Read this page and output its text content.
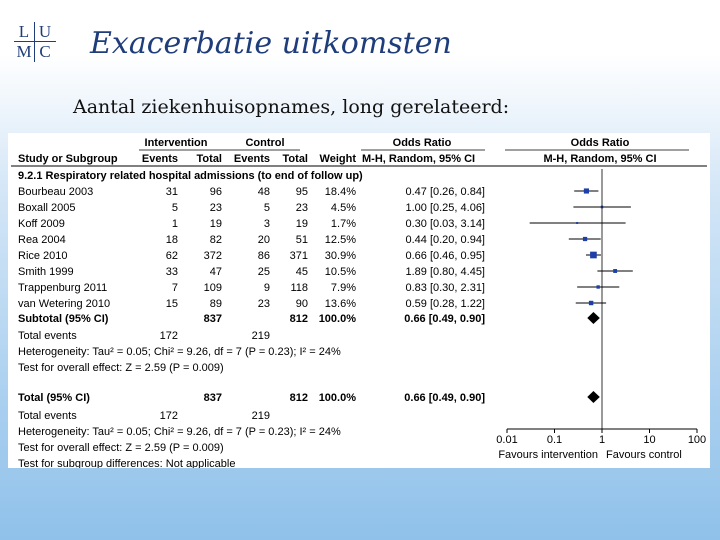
L U
M C Exacerbatie uitkomsten
Aantal ziekenhuisopnames, long gerelateerd:
Intervention	Control	Odds Ratio	Odds Ratio
Study or Subgroup Events Total Events Total Weight M-H, Random, 95% CI	M-H, Random, 95% CI
9.2.1 Respiratory related hospital admissions (to end of follow up)
Bourbeau 2003	31	96	48 95 18.4%	0.47 [0.26, 0.84]
Boxall 2005	5	23	5 23 4.5%	1.00 [0.25, 4.06]
Koff 2009	1	19	3 19 1.7%	0.30 [0.03, 3.14]
Rea 2004	18	82	20 51 12.5%	0.44 [0.20, 0.94]
Rice 2010	62 372	86 371 30.9%	0.66 [0.46, 0.95]
Smith 1999	33	47	25 45 10.5%	1.89 [0.80, 4.45]
Trappenburg 2011	7 109	9 118 7.9%	0.83 [0.30, 2.31]
van Wetering 2010	15	89	23 90 13.6%	0.59 [0.28, 1.22]
Subtotal (95% CI)	837	812 100.0%	0.66 [0.49, 0.90]
Total events	172	219
Heterogeneity: Tau² = 0.05; Chi² = 9.26, df = 7 (P = 0.23); I² = 24%
Test for overall effect: Z = 2.59 (P = 0.009)
Total (95% CI)	837	812 100.0%	0.66 [0.49, 0.90]
Total events	172	219
Heterogeneity: Tau² = 0.05; Chi² = 9.26, df = 7 (P = 0.23); I² = 24%
Test for overall effect: Z = 2.59 (P = 0.009)
Test for subgroup differences: Not applicable
0.01	0.1	1	10	100
Favours intervention Favours control
